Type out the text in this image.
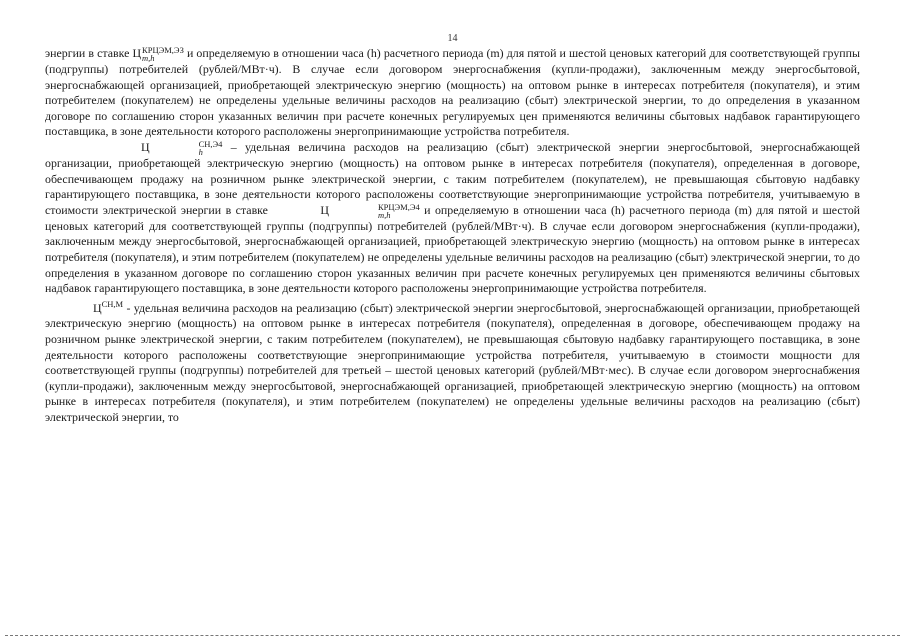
14

энергии в ставке Ц КРЦЭМ,ЭЗ
m,h	и определяемую в отношении часа (h) расчетного периода (m) для пятой и шестой ценовых категорий для соответствующей группы (подгруппы) потребителей (рублей/МВт·ч). В случае если договором энергоснабжения (купли-продажи), заключенным между энергосбытовой, энергоснабжающей организацией, приобретающей электрическую энергию (мощность) на оптовом рынке в интересах потребителя (покупателя), и этим потребителем (покупателем) не определены удельные величины расходов на реализацию (сбыт) электрической энергии, то до определения в указанном договоре по соглашению сторон указанных величин при расчете конечных регулируемых цен применяются величины сбытовых надбавок гарантирующего поставщика, в зоне деятельности которого расположены энергопринимающие устройства потребителя.

Ц	СН,Э4
h	– удельная величина расходов на реализацию (сбыт) электрической энергии энергосбытовой, энергоснабжающей организации, приобретающей электрическую энергию (мощность) на оптовом рынке в интересах потребителя (покупателя), определенная в договоре, обеспечивающем продажу на розничном рынке электрической энергии, с таким потребителем (покупателем), не превышающая сбытовую надбавку гарантирующего поставщика, в зоне деятельности которого расположены соответствующие энергопринимающие устройства потребителя, учитываемую в стоимости электрической энергии в ставке	Ц	КРЦЭМ,Э4
m,h	и определяемую в отношении часа (h) расчетного периода (m) для пятой и шестой ценовых категорий для соответствующей группы (подгруппы) потребителей (рублей/МВт·ч). В случае если договором энергоснабжения (купли-продажи), заключенным между энергосбытовой, энергоснабжающей организацией, приобретающей электрическую энергию (мощность) на оптовом рынке в интересах потребителя (покупателя), и этим потребителем (покупателем) не определены удельные величины расходов на реализацию (сбыт) электрической энергии, то до определения в указанном договоре по соглашению сторон указанных величин при расчете конечных регулируемых цен применяются величины сбытовых надбавок гарантирующего поставщика, в зоне деятельности которого расположены энергопринимающие устройства потребителя.

$Ц^{СН,М}$ - удельная величина расходов на реализацию (сбыт) электрической энергии энергосбытовой, энергоснабжающей организации, приобретающей электрическую энергию (мощность) на оптовом рынке в интересах потребителя (покупателя), определенная в договоре, обеспечивающем продажу на розничном рынке электрической энергии, с таким потребителем (покупателем), не превышающая сбытовую надбавку гарантирующего поставщика, в зоне деятельности которого расположены соответствующие энергопринимающие устройства потребителя, учитываемую в стоимости мощности для соответствующей группы (подгруппы) потребителей для третьей – шестой ценовых категорий (рублей/МВт·мес). В случае если договором энергоснабжения (купли-продажи), заключенным между энергосбытовой, энергоснабжающей организацией, приобретающей электрическую энергию (мощность) на оптовом рынке в интересах потребителя (покупателя), и этим потребителем (покупателем) не определены удельные величины расходов на реализацию (сбыт) электрической энергии, то
